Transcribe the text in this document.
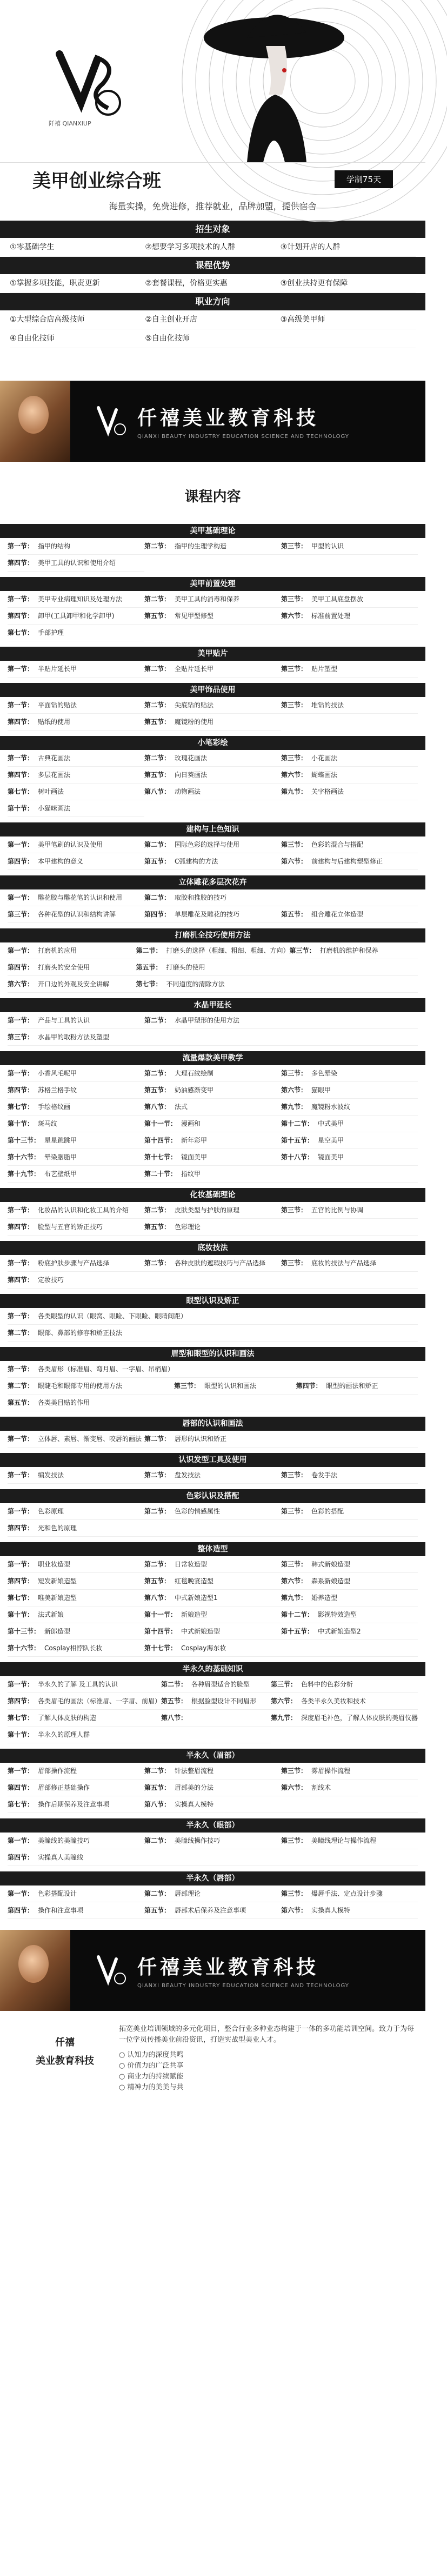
阡禧 QIANXIUP
美甲创业综合班	学制75天
海量实操，免费进修，推荐就业，品牌加盟，提供宿舍
招生对象
①零基础学生	②想要学习多项技术的人群	③计划开店的人群
课程优势
①掌握多项技能，职责更新	②套餐课程，价格更实惠	③创业扶持更有保障
职业方向
①大型综合店高级技师	②自主创业开店	③高级美甲师
④自由化技师	⑤自由化技师
仟禧美业教育科技
QIANXI BEAUTY INDUSTRY EDUCATION SCIENCE AND TECHNOLOGY
课程内容
美甲基础理论
第一节： 指甲的结构	第二节： 指甲的生理学构造	第三节： 甲型的认识
第四节： 美甲工具的认识和使用介绍
美甲前置处理
第一节： 美甲专业病理知识及处理方法	第二节： 美甲工具的消毒和保养	第三节： 美甲工具底盘摆放
第四节： 卸甲(工具卸甲和化学卸甲)	第五节： 常见甲型修型	第六节： 标准前置处理
第七节： 手部护理
美甲贴片
第一节： 半贴片延长甲	第二节： 全贴片延长甲	第三节： 贴片塑型
美甲饰品使用
第一节： 平面钻的贴法	第二节： 尖底钻的贴法	第三节： 堆钻的技法
第四节： 贴纸的使用	第五节： 魔镜粉的使用
小笔彩绘
第一节： 古典花画法	第二节： 玫瑰花画法	第三节： 小花画法
第四节： 多层花画法	第五节： 向日葵画法	第六节： 蝴蝶画法
第七节： 树叶画法	第八节： 动物画法	第九节： 关字格画法
第十节： 小猫咪画法
建构与上色知识
第一节： 美甲笔刷的认识及使用	第二节： 国际色彩的选择与使用	第三节： 色彩的混合与搭配
第四节： 本甲建构的意义	第五节： C弧建构的方法	第六节： 前建构与后建构塑型修正
立体雕花多层次花卉
第一节： 雕花胶与雕花笔的认识和使用	第二节： 取胶和推胶的技巧
第三节： 各种花型的认识和结构讲解	第四节： 单层雕花及雕花的技巧	第五节： 组合雕花立体造型
打磨机全技巧使用方法
第一节： 打磨机的应用	第二节： 打磨头的选择（粗细、粗细、粗细、方向） 第三节： 打磨机的维护和保养
第四节： 打磨头的安全使用	第五节： 打磨头的使用
第六节： 开口边的外观及安全讲解	第七节： 不同道度的清除方法
水晶甲延长
第一节： 产品与工具的认识	第二节： 水晶甲塑形的使用方法
第三节： 水晶甲的取粉方法及塑型
流量爆款美甲教学
第一节： 小香风毛呢甲	第二节： 大理石纹绘制	第三节： 多色晕染
第四节： 苏格兰格手纹	第五节： 奶油感渐变甲	第六节： 猫眼甲
第七节： 手绘格纹画	第八节： 法式	第九节： 魔镜粉水波纹
第十节： 斑马纹	第十一节： 漫画和	第十二节： 中式美甲
第十三节： 星星跳跳甲	第十四节： 新年彩甲	第十五节： 星空美甲
第十六节： 晕染胭脂甲	第十七节： 镜面美甲	第十八节： 镜面美甲
第十九节： 布艺壁纸甲	第二十节： 指纹甲
化妆基础理论
第一节： 化妆品的认识和化妆工具的介绍 第二节： 皮肤类型与护肤的原理	第三节： 五官的比例与协调
第四节： 脸型与五官的矫正技巧	第五节： 色彩理论
底妆技法
第一节： 粉底护肤步骤与产品选择	第二节： 各种皮肤的遮瑕技巧与产品选择 第三节： 底妆的技法与产品选择
第四节： 定妆技巧
眼型认识及矫正
第一节： 各类眼型的认识（眼窝、眼睑、下眼睑、眼睛间距）
第二节： 眼部、鼻部的修容和矫正技法
眉型和眼型的认识和画法
第一节： 各类眉形（标准眉、弯月眉、一字眉、吊梢眉）
第二节： 眼睫毛和眼部专用的使用方法	第三节： 眼型的认识和画法	第四节： 眼型的画法和矫正
第五节： 各类美目贴的作用
唇部的认识和画法
第一节： 立体唇、素唇、渐变唇、咬唇的画法 第二节： 唇形的认识和矫正
认识发型工具及使用
第一节： 编发技法	第二节： 盘发技法	第三节： 卷发手法
色彩认识及搭配
第一节： 色彩原理	第二节： 色彩的情感属性	第三节： 色彩的搭配
第四节： 光和色的原理
整体造型
第一节： 职业妆造型	第二节： 日常妆造型	第三节： 韩式新娘造型
第四节： 短发新娘造型	第五节： 红毯晚宴造型	第六节： 森系新娘造型
第七节： 唯美新娘造型	第八节： 中式新娘造型1	第九节： 婚养造型
第十节： 法式新娘	第十一节： 新娘造型	第十二节： 影视特效造型
第十三节： 新郎造型	第十四节： 中式新娘造型	第十五节： 中式新娘造型2
第十六节： Cosplay相悖队长妆	第十七节： Cosplay海东妆
半永久的基础知识
第一节： 半永久的了解 及工具的认识	第二节： 各种眉型适合的脸型	第三节： 色料中的色彩分析
第四节： 各类眉毛的画法（标准眉、一字眉、前眉） 第五节： 根据脸型设计不同眉形 第六节： 各类半永久美妆和技术
第七节： 了解人体皮肤的构造	第八节：	第九节： 深度眉毛补色，了解人体皮肤的美眉仪器
第十节： 半永久的原理人群
半永久（眉部）
第一节： 眉部操作流程	第二节： 针法整眉流程	第三节： 雾眉操作流程
第四节： 眉部修正基础操作	第五节： 眉部美的分法	第六节： 割线术
第七节： 操作后期保养及注意事项	第八节： 实操真人模特
半永久（眼部）
第一节： 美瞳线的美瞳技巧	第二节： 美瞳线操作技巧	第三节： 美瞳线理论与操作流程
第四节： 实操真人美瞳线
半永久（唇部）
第一节： 色彩搭配设计	第二节： 唇部理论	第三节： 爆唇手法、定点设计步骤
第四节： 操作和注意事项	第五节： 唇部术后保养及注意事项	第六节： 实操真人模特
仟禧美业教育科技
QIANXI BEAUTY INDUSTRY EDUCATION SCIENCE AND TECHNOLOGY
仟禧
美业教育科技
拓宽美业培训领域的多元化项目，整合行业多种业态构建于一体的多功能培训空间。致力于为每一位学员传播美业前沿资讯，打造实战型美业人才。
○ 认知力的深度共鸣
○ 价值力的广泛共享
○ 商业力的持续赋能
○ 精神力的美美与共
